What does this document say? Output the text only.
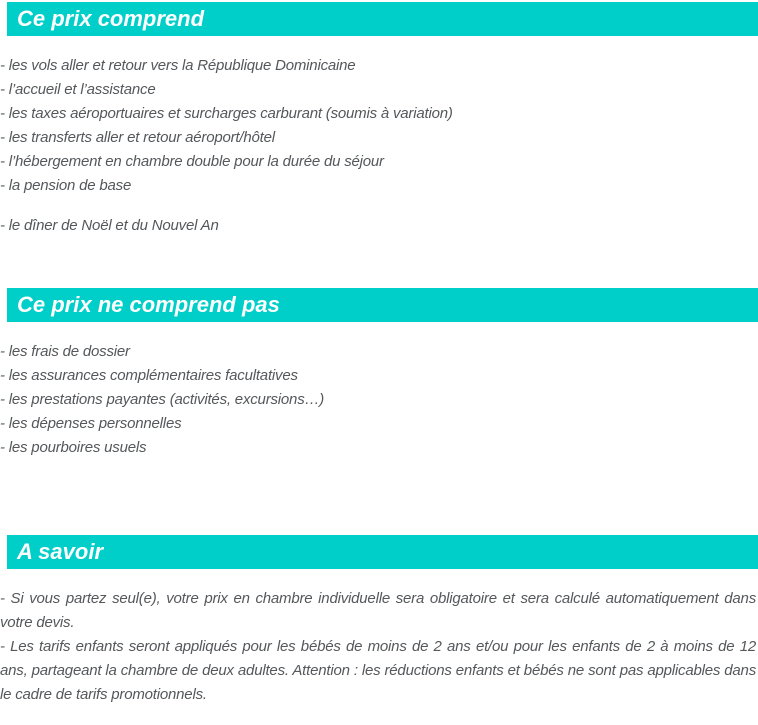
Ce prix comprend

- les vols aller et retour vers la République Dominicaine

- l’accueil et l’assistance

- les taxes aéroportuaires et surcharges carburant (soumis à variation)

- les transferts aller et retour aéroport/hôtel

- l’hébergement en chambre double pour la durée du séjour

- la pension de base

- le dîner de Noël et du Nouvel An

Ce prix ne comprend pas

- les frais de dossier

- les assurances complémentaires facultatives

- les prestations payantes (activités, excursions…)

- les dépenses personnelles

- les pourboires usuels

A savoir

- Si vous partez seul(e), votre prix en chambre individuelle sera obligatoire et sera calculé automatiquement dans votre devis.

- Les tarifs enfants seront appliqués pour les bébés de moins de 2 ans et/ou pour les enfants de 2 à moins de 12 ans, partageant la chambre de deux adultes. Attention : les réductions enfants et bébés ne sont pas applicables dans le cadre de tarifs promotionnels.
